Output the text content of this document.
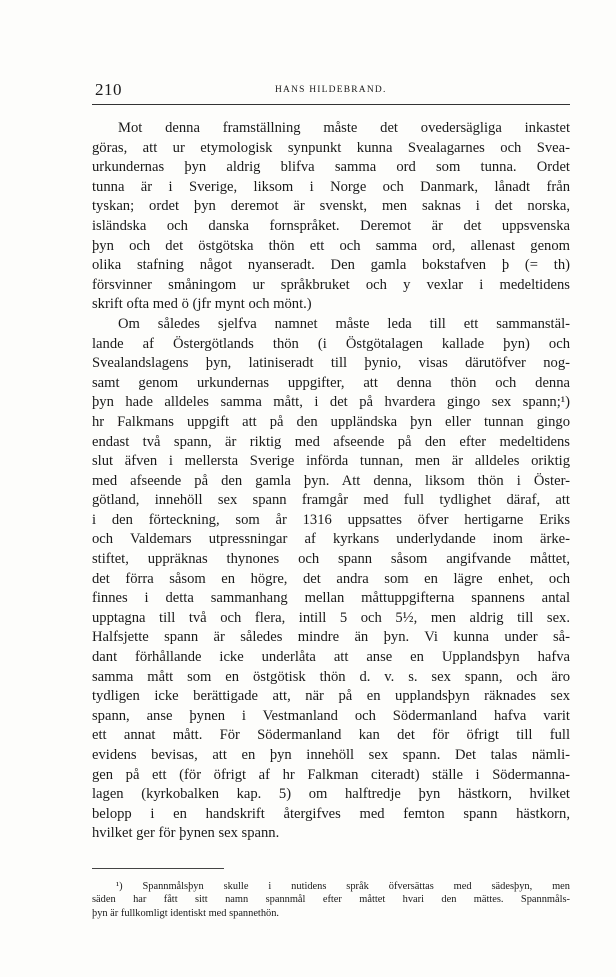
210	HANS HILDEBRAND.
Mot denna framställning måste det ovedersägliga inkastet
göras, att ur etymologisk synpunkt kunna Svealagarnes och Svea-
urkundernas þyn aldrig blifva samma ord som tunna. Ordet
tunna är i Sverige, liksom i Norge och Danmark, lånadt från
tyskan; ordet þyn deremot är svenskt, men saknas i det norska,
isländska och danska fornspråket. Deremot är det uppsvenska
þyn och det östgötska thön ett och samma ord, allenast genom
olika stafning något nyanseradt. Den gamla bokstafven þ (= th)
försvinner småningom ur språkbruket och y vexlar i medeltidens
skrift ofta med ö (jfr mynt och mönt.)
Om således sjelfva namnet måste leda till ett sammanstäl-
lande af Östergötlands thön (i Östgötalagen kallade þyn) och
Svealandslagens þyn, latiniseradt till þynio, visas därutöfver nog-
samt genom urkundernas uppgifter, att denna thön och denna
þyn hade alldeles samma mått, i det på hvardera gingo sex spann;¹)
hr Falkmans uppgift att på den uppländska þyn eller tunnan gingo
endast två spann, är riktig med afseende på den efter medeltidens
slut äfven i mellersta Sverige införda tunnan, men är alldeles oriktig
med afseende på den gamla þyn. Att denna, liksom thön i Öster-
götland, innehöll sex spann framgår med full tydlighet däraf, att
i den förteckning, som år 1316 uppsattes öfver hertigarne Eriks
och Valdemars utpressningar af kyrkans underlydande inom ärke-
stiftet, uppräknas thynones och spann såsom angifvande måttet,
det förra såsom en högre, det andra som en lägre enhet, och
finnes i detta sammanhang mellan måttuppgifterna spannens antal
upptagna till två och flera, intill 5 och 5½, men aldrig till sex.
Halfsjette spann är således mindre än þyn. Vi kunna under så-
dant förhållande icke underlåta att anse en Upplandsþyn hafva
samma mått som en östgötisk thön d. v. s. sex spann, och äro
tydligen icke berättigade att, när på en upplandsþyn räknades sex
spann, anse þynen i Vestmanland och Södermanland hafva varit
ett annat mått. För Södermanland kan det för öfrigt till full
evidens bevisas, att en þyn innehöll sex spann. Det talas nämli-
gen på ett (för öfrigt af hr Falkman citeradt) ställe i Södermanna-
lagen (kyrkobalken kap. 5) om halftredje þyn hästkorn, hvilket
belopp i en handskrift återgifves med femton spann hästkorn,
hvilket ger för þynen sex spann.
¹) Spannmålsþyn skulle i nutidens språk öfversättas med sädesþyn, men
säden har fått sitt namn spannmål efter måttet hvari den mättes. Spannmåls-
þyn är fullkomligt identiskt med spannethön.
